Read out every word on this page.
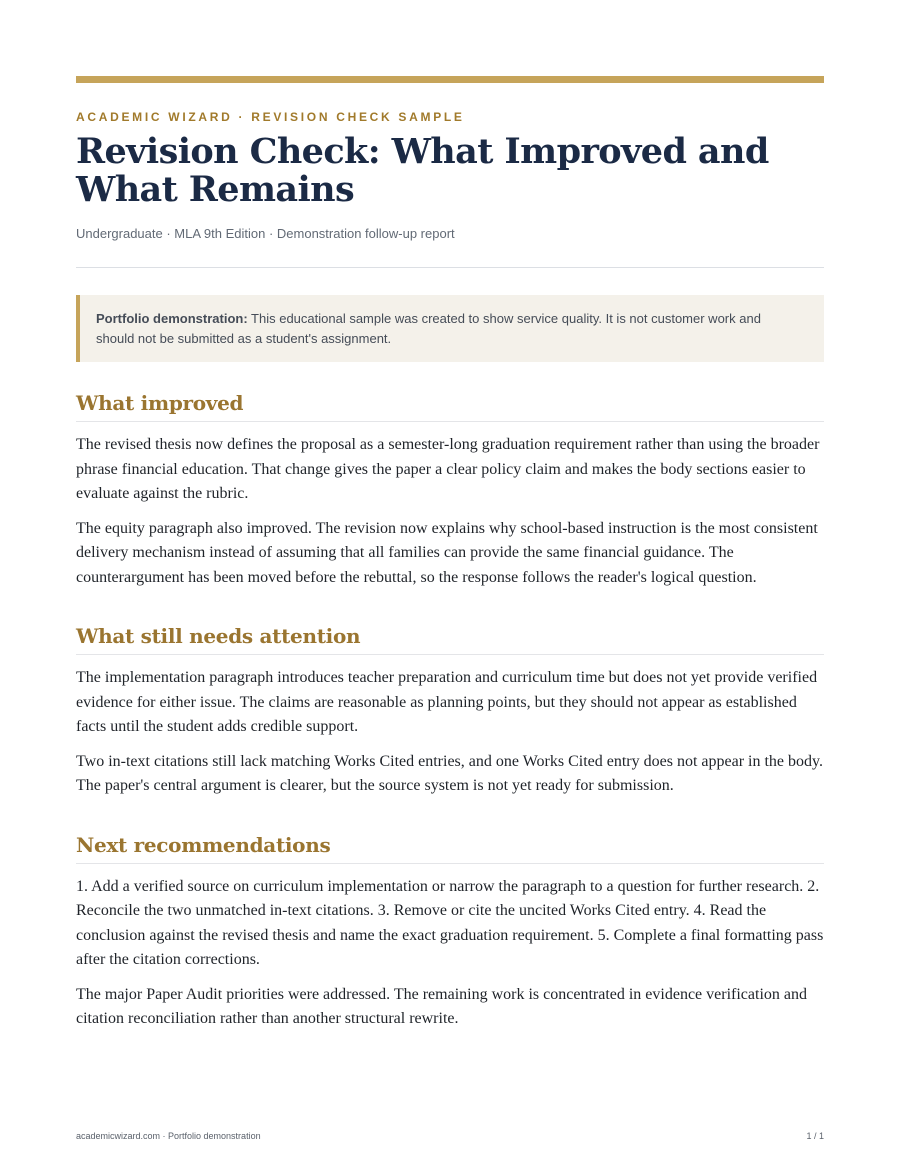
ACADEMIC WIZARD · REVISION CHECK SAMPLE
Revision Check: What Improved and What Remains
Undergraduate · MLA 9th Edition · Demonstration follow-up report
Portfolio demonstration: This educational sample was created to show service quality. It is not customer work and should not be submitted as a student's assignment.
What improved

The revised thesis now defines the proposal as a semester-long graduation requirement rather than using the broader phrase financial education. That change gives the paper a clear policy claim and makes the body sections easier to evaluate against the rubric.

The equity paragraph also improved. The revision now explains why school-based instruction is the most consistent delivery mechanism instead of assuming that all families can provide the same financial guidance. The counterargument has been moved before the rebuttal, so the response follows the reader's logical question.

What still needs attention

The implementation paragraph introduces teacher preparation and curriculum time but does not yet provide verified evidence for either issue. The claims are reasonable as planning points, but they should not appear as established facts until the student adds credible support.

Two in-text citations still lack matching Works Cited entries, and one Works Cited entry does not appear in the body. The paper's central argument is clearer, but the source system is not yet ready for submission.

Next recommendations

1. Add a verified source on curriculum implementation or narrow the paragraph to a question for further research. 2. Reconcile the two unmatched in-text citations. 3. Remove or cite the uncited Works Cited entry. 4. Read the conclusion against the revised thesis and name the exact graduation requirement. 5. Complete a final formatting pass after the citation corrections.

The major Paper Audit priorities were addressed. The remaining work is concentrated in evidence verification and citation reconciliation rather than another structural rewrite.

academicwizard.com · Portfolio demonstration	1 / 1
